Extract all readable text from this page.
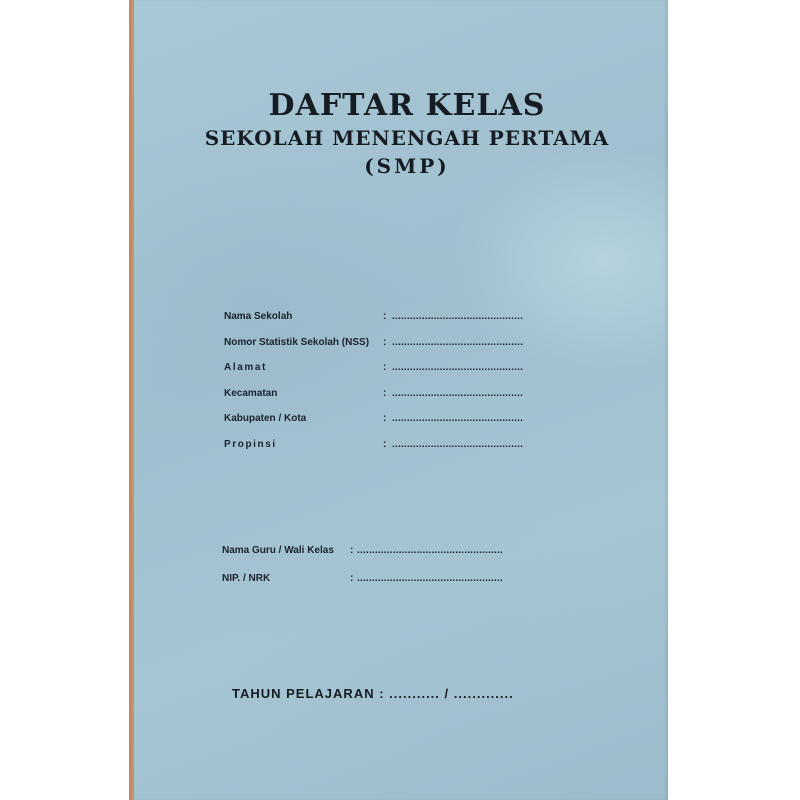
DAFTAR KELAS
SEKOLAH MENENGAH PERTAMA
(SMP)
Nama Sekolah	: ............................................
Nomor Statistik Sekolah (NSS) : ............................................
Alamat	: ............................................
Kecamatan	: ............................................
Kabupaten / Kota	: ............................................
Propinsi	: ............................................
Nama Guru / Wali Kelas : .................................................
NIP. / NRK	: .................................................
TAHUN PELAJARAN : ........... / .............
